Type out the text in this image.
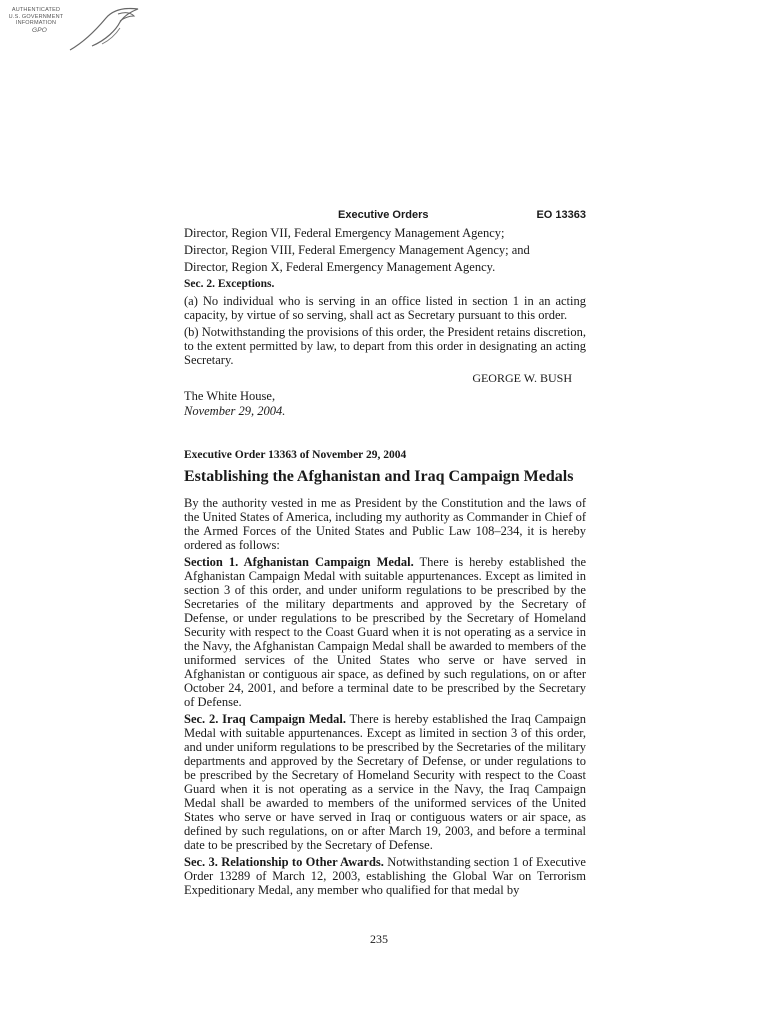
AUTHENTICATED
U.S. GOVERNMENT
INFORMATION
GPO
Executive Orders	EO 13363

Director, Region VII, Federal Emergency Management Agency;

Director, Region VIII, Federal Emergency Management Agency; and

Director, Region X, Federal Emergency Management Agency.

Sec. 2. Exceptions.

(a) No individual who is serving in an office listed in section 1 in an acting capacity, by virtue of so serving, shall act as Secretary pursuant to this order.

(b) Notwithstanding the provisions of this order, the President retains discretion, to the extent permitted by law, to depart from this order in designating an acting Secretary.

GEORGE W. BUSH

The White House,

November 29, 2004.

Executive Order 13363 of November 29, 2004

Establishing the Afghanistan and Iraq Campaign Medals

By the authority vested in me as President by the Constitution and the laws of the United States of America, including my authority as Commander in Chief of the Armed Forces of the United States and Public Law 108–234, it is hereby ordered as follows:

Section 1. Afghanistan Campaign Medal. There is hereby established the Afghanistan Campaign Medal with suitable appurtenances. Except as limited in section 3 of this order, and under uniform regulations to be prescribed by the Secretaries of the military departments and approved by the Secretary of Defense, or under regulations to be prescribed by the Secretary of Homeland Security with respect to the Coast Guard when it is not operating as a service in the Navy, the Afghanistan Campaign Medal shall be awarded to members of the uniformed services of the United States who serve or have served in Afghanistan or contiguous air space, as defined by such regulations, on or after October 24, 2001, and before a terminal date to be prescribed by the Secretary of Defense.

Sec. 2. Iraq Campaign Medal. There is hereby established the Iraq Campaign Medal with suitable appurtenances. Except as limited in section 3 of this order, and under uniform regulations to be prescribed by the Secretaries of the military departments and approved by the Secretary of Defense, or under regulations to be prescribed by the Secretary of Homeland Security with respect to the Coast Guard when it is not operating as a service in the Navy, the Iraq Campaign Medal shall be awarded to members of the uniformed services of the United States who serve or have served in Iraq or contiguous waters or air space, as defined by such regulations, on or after March 19, 2003, and before a terminal date to be prescribed by the Secretary of Defense.

Sec. 3. Relationship to Other Awards. Notwithstanding section 1 of Executive Order 13289 of March 12, 2003, establishing the Global War on Terrorism Expeditionary Medal, any member who qualified for that medal by

235
